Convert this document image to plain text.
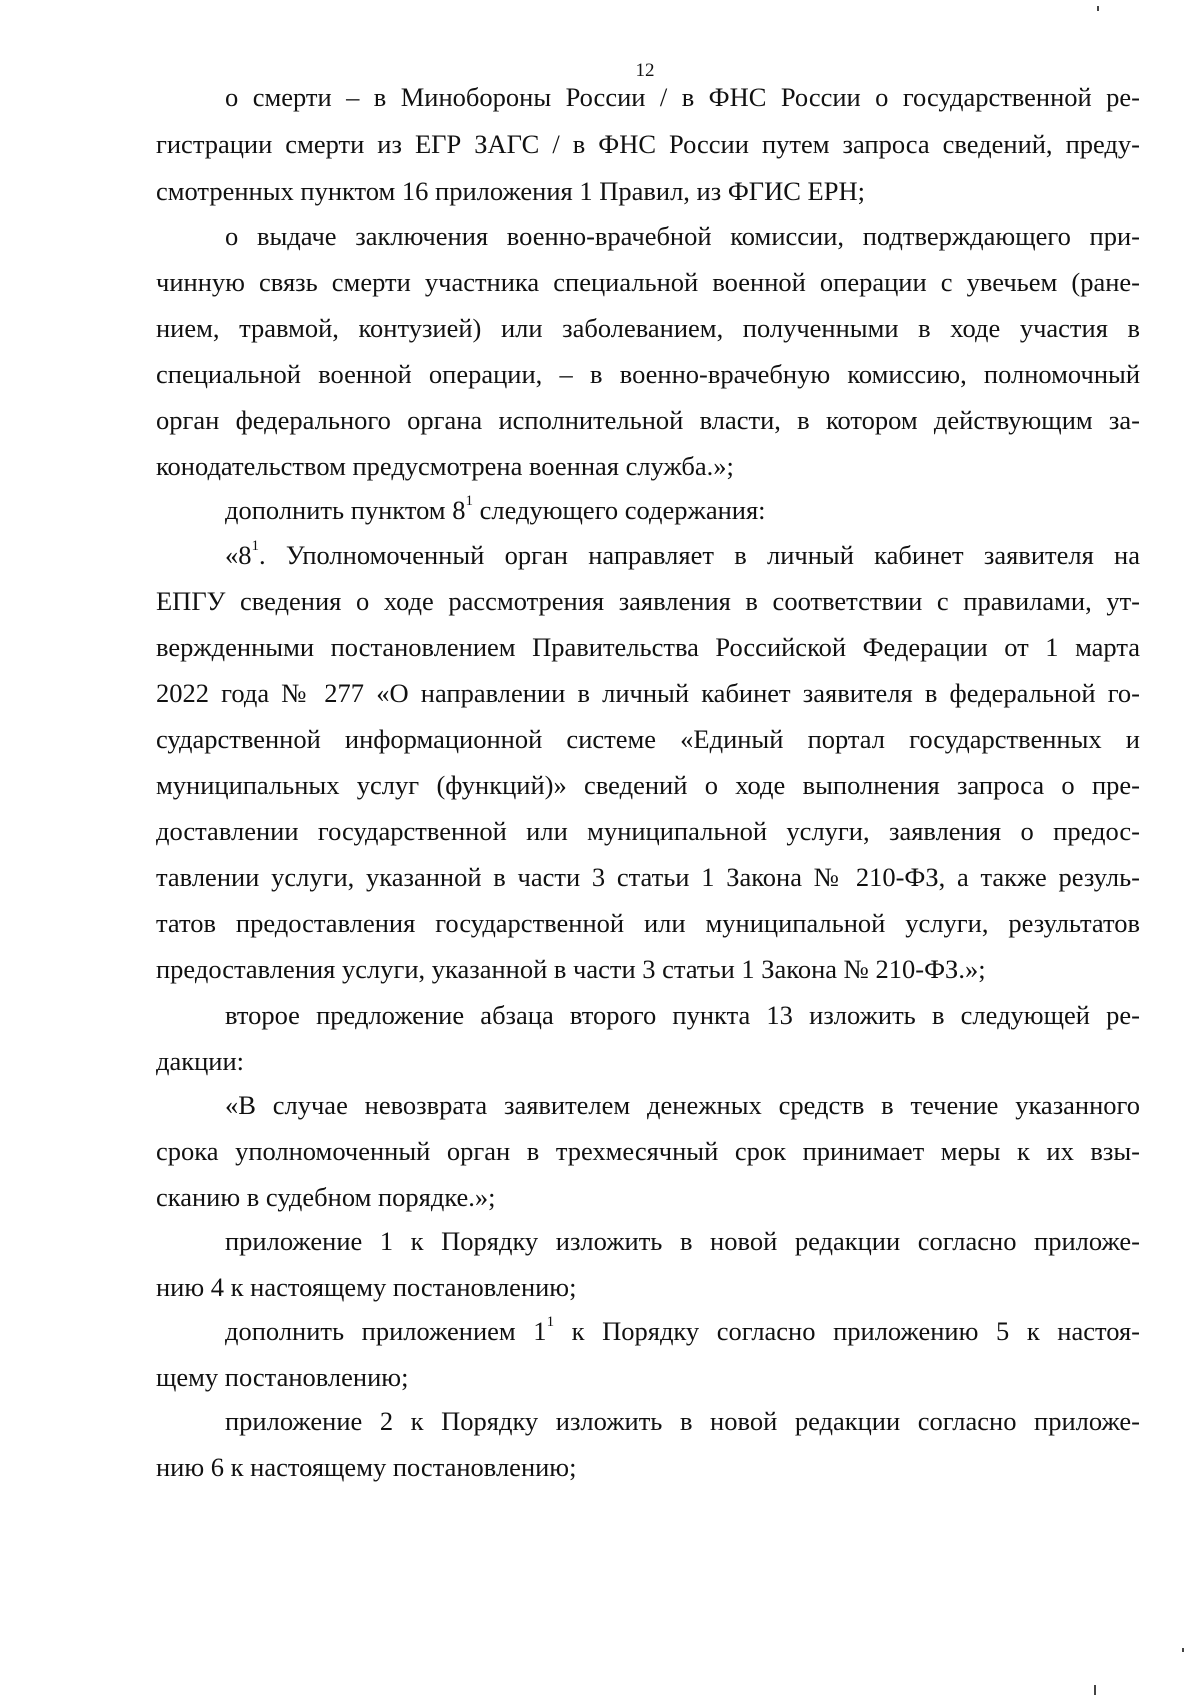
12
о смерти – в Минобороны России / в ФНС России о государственной ре-
гистрации смерти из ЕГР ЗАГС / в ФНС России путем запроса сведений, преду-
смотренных пунктом 16 приложения 1 Правил, из ФГИС ЕРН;
о выдаче заключения военно-врачебной комиссии, подтверждающего при-
чинную связь смерти участника специальной военной операции с увечьем (ране-
нием, травмой, контузией) или заболеванием, полученными в ходе участия в
специальной военной операции, – в военно-врачебную комиссию, полномочный
орган федерального органа исполнительной власти, в котором действующим за-
конодательством предусмотрена военная служба.»;
дополнить пунктом $8^1$ следующего содержания:
«$8^1$. Уполномоченный орган направляет в личный кабинет заявителя на
ЕПГУ сведения о ходе рассмотрения заявления в соответствии с правилами, ут-
вержденными постановлением Правительства Российской Федерации от 1 марта
2022 года № 277 «О направлении в личный кабинет заявителя в федеральной го-
сударственной информационной системе «Единый портал государственных и
муниципальных услуг (функций)» сведений о ходе выполнения запроса о пре-
доставлении государственной или муниципальной услуги, заявления о предос-
тавлении услуги, указанной в части 3 статьи 1 Закона № 210-ФЗ, а также резуль-
татов предоставления государственной или муниципальной услуги, результатов
предоставления услуги, указанной в части 3 статьи 1 Закона № 210-ФЗ.»;
второе предложение абзаца второго пункта 13 изложить в следующей ре-
дакции:
«В случае невозврата заявителем денежных средств в течение указанного
срока уполномоченный орган в трехмесячный срок принимает меры к их взы-
сканию в судебном порядке.»;
приложение 1 к Порядку изложить в новой редакции согласно приложе-
нию 4 к настоящему постановлению;
дополнить приложением $1^1$ к Порядку согласно приложению 5 к настоя-
щему постановлению;
приложение 2 к Порядку изложить в новой редакции согласно приложе-
нию 6 к настоящему постановлению;
